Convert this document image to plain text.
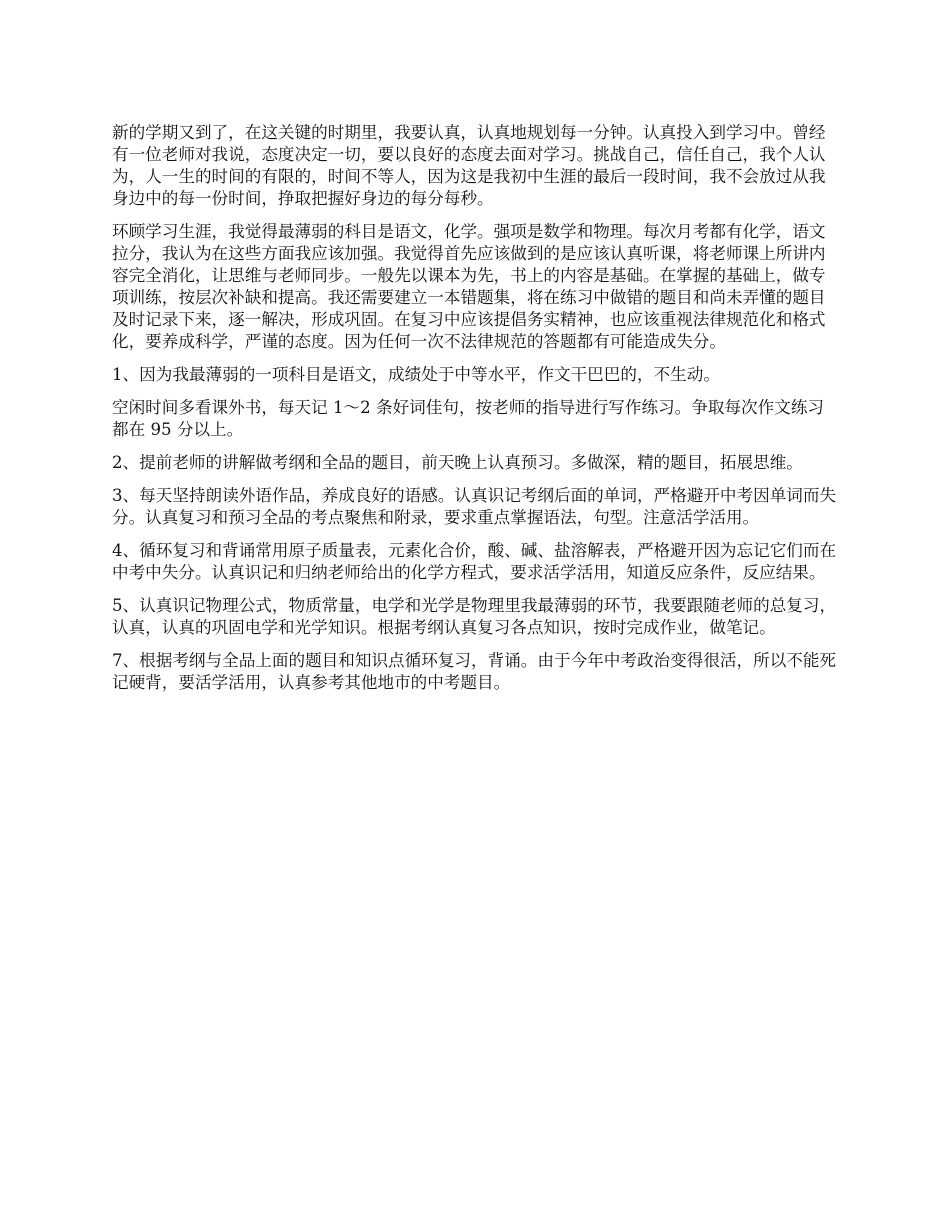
新的学期又到了，在这关键的时期里，我要认真，认真地规划每一分钟。认真投入到学习中。曾经有一位老师对我说，态度决定一切，要以良好的态度去面对学习。挑战自己，信任自己，我个人认为，人一生的时间的有限的，时间不等人，因为这是我初中生涯的最后一段时间，我不会放过从我身边中的每一份时间，挣取把握好身边的每分每秒。

环顾学习生涯，我觉得最薄弱的科目是语文，化学。强项是数学和物理。每次月考都有化学，语文拉分，我认为在这些方面我应该加强。我觉得首先应该做到的是应该认真听课，将老师课上所讲内容完全消化，让思维与老师同步。一般先以课本为先，书上的内容是基础。在掌握的基础上，做专项训练，按层次补缺和提高。我还需要建立一本错题集，将在练习中做错的题目和尚未弄懂的题目及时记录下来，逐一解决，形成巩固。在复习中应该提倡务实精神，也应该重视法律规范化和格式化，要养成科学，严谨的态度。因为任何一次不法律规范的答题都有可能造成失分。

1、因为我最薄弱的一项科目是语文，成绩处于中等水平，作文干巴巴的，不生动。

空闲时间多看课外书，每天记 1～2 条好词佳句，按老师的指导进行写作练习。争取每次作文练习都在 95 分以上。

2、提前老师的讲解做考纲和全品的题目，前天晚上认真预习。多做深，精的题目，拓展思维。

3、每天坚持朗读外语作品，养成良好的语感。认真识记考纲后面的单词，严格避开中考因单词而失分。认真复习和预习全品的考点聚焦和附录，要求重点掌握语法，句型。注意活学活用。

4、循环复习和背诵常用原子质量表，元素化合价，酸、碱、盐溶解表，严格避开因为忘记它们而在中考中失分。认真识记和归纳老师给出的化学方程式，要求活学活用，知道反应条件，反应结果。

5、认真识记物理公式，物质常量，电学和光学是物理里我最薄弱的环节，我要跟随老师的总复习，认真，认真的巩固电学和光学知识。根据考纲认真复习各点知识，按时完成作业，做笔记。

7、根据考纲与全品上面的题目和知识点循环复习，背诵。由于今年中考政治变得很活，所以不能死记硬背，要活学活用，认真参考其他地市的中考题目。
